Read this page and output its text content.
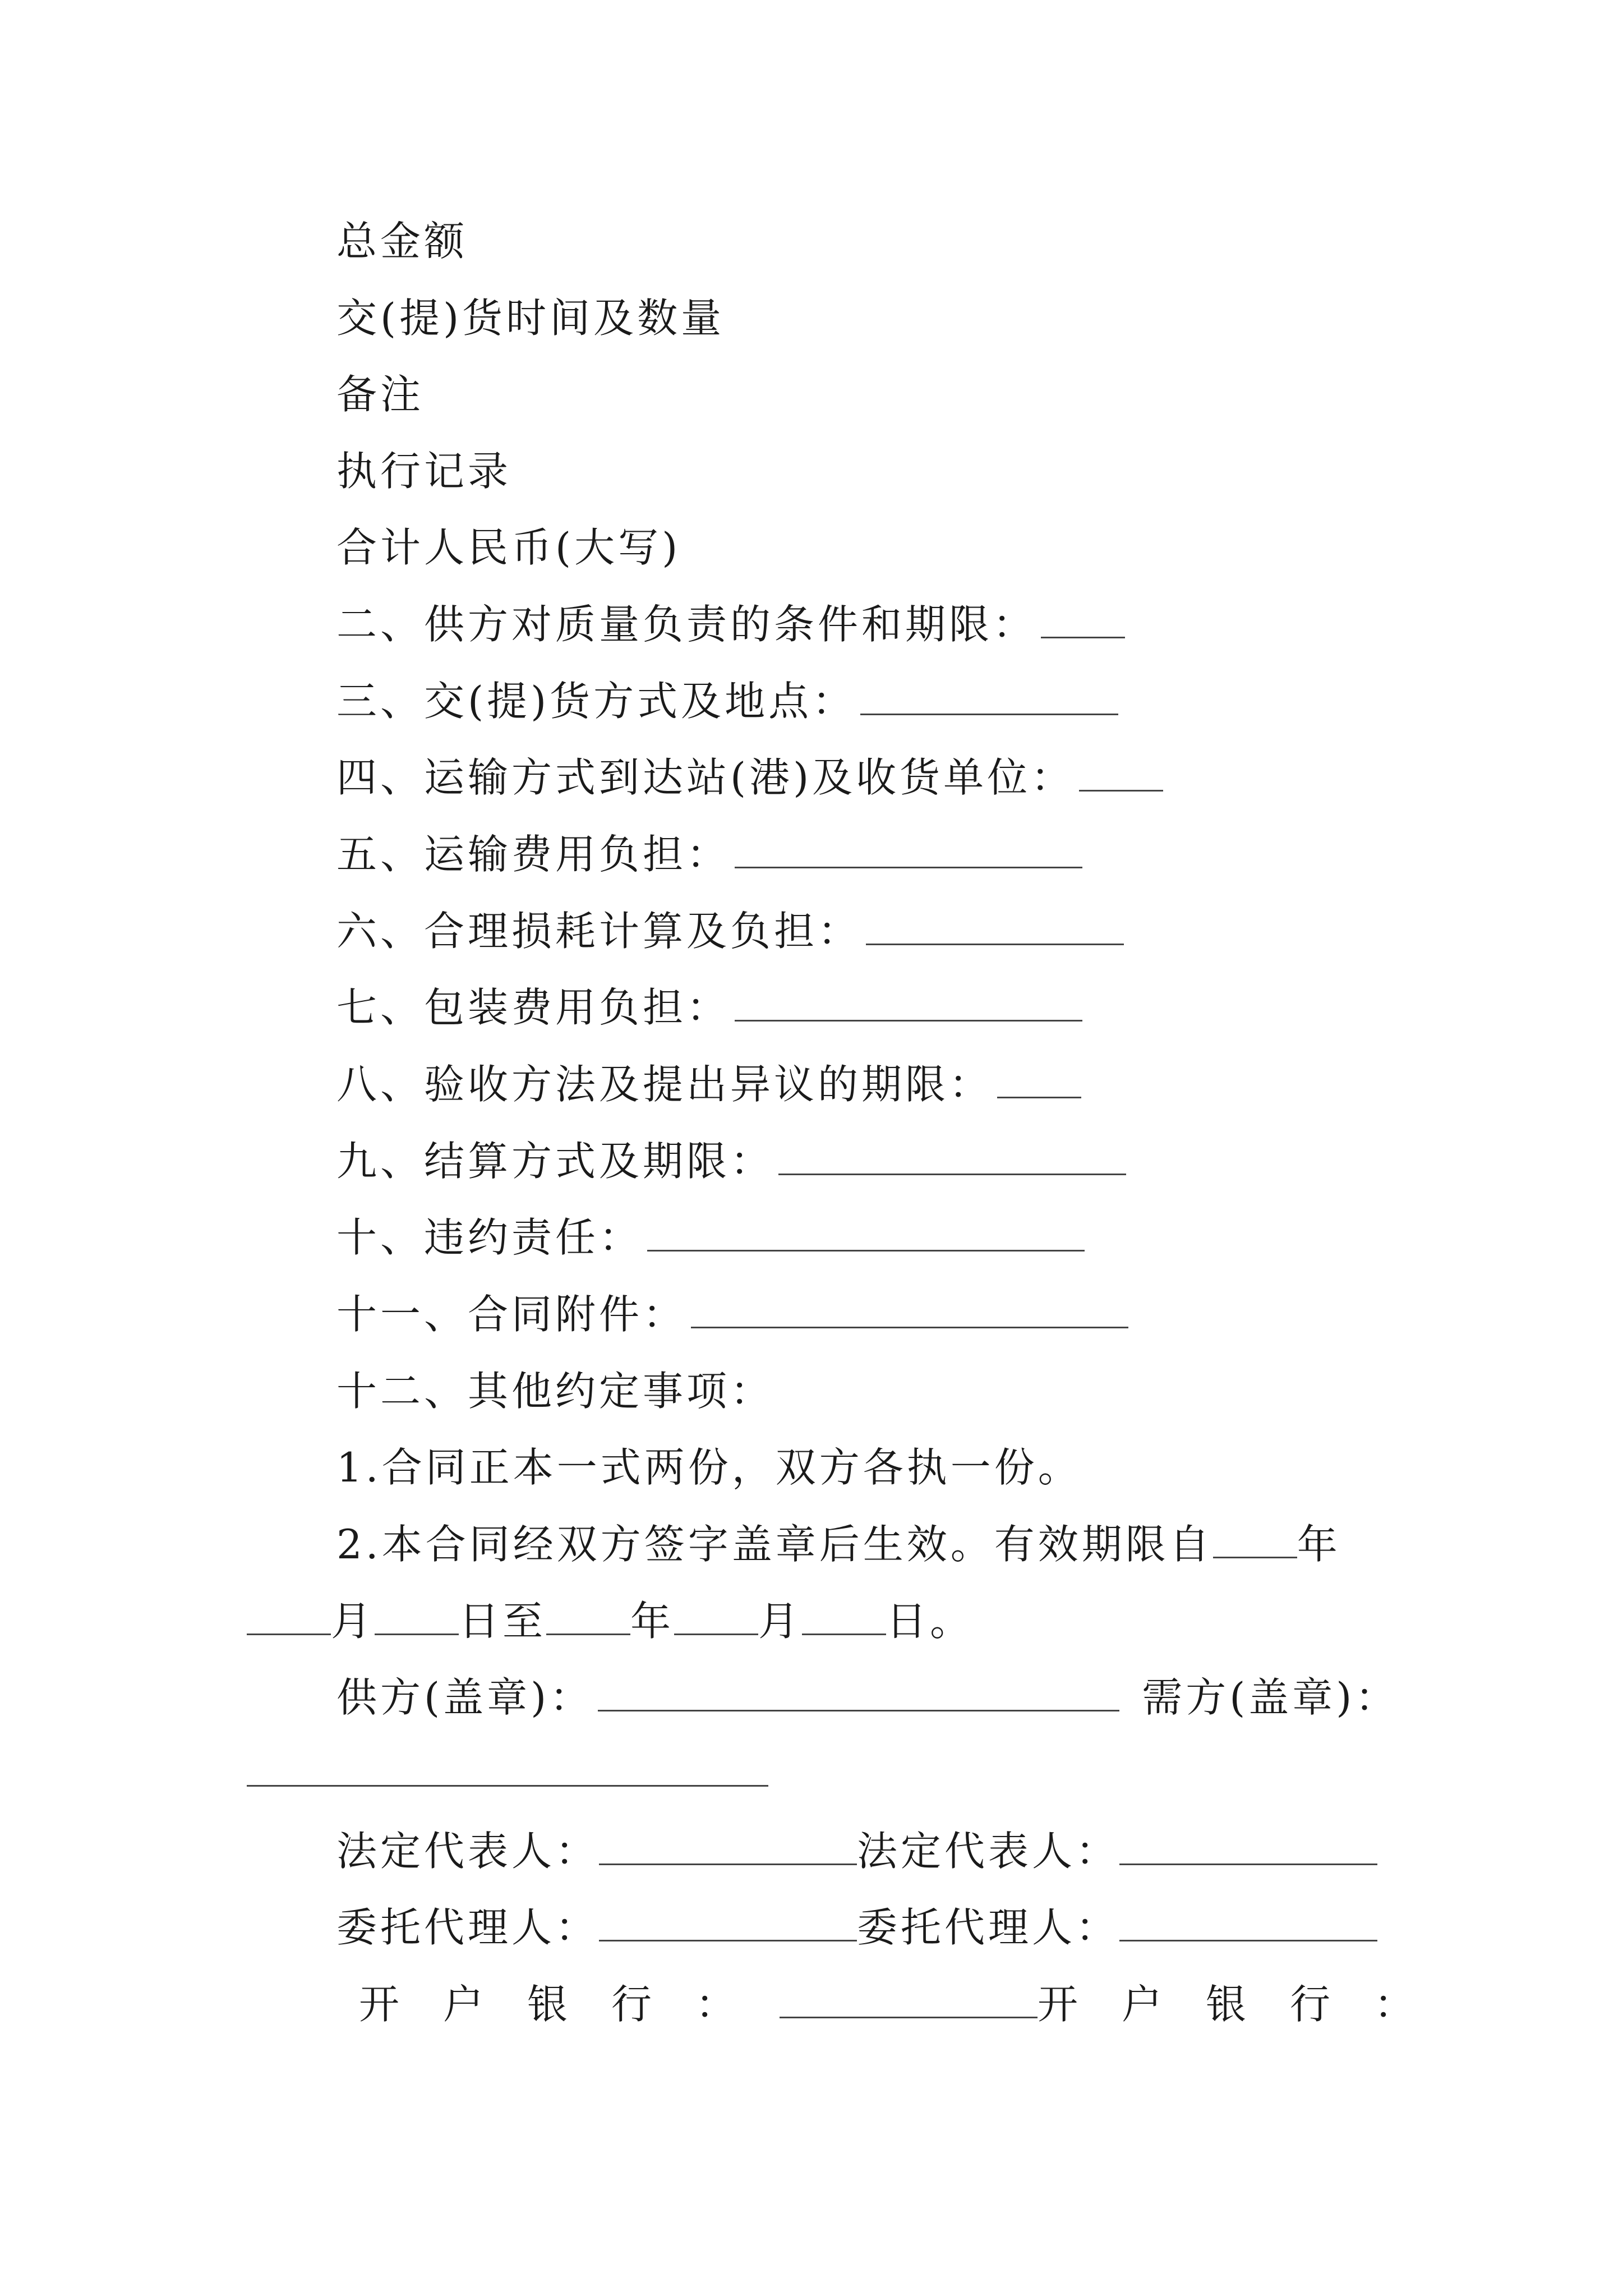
总金额
交(提)货时间及数量
备注
执行记录
合计人民币(大写)
二、供方对质量负责的条件和期限：
三、交(提)货方式及地点：
四、运输方式到达站(港)及收货单位：
五、运输费用负担：
六、合理损耗计算及负担：
七、包装费用负担：
八、验收方法及提出异议的期限：
九、结算方式及期限：
十、违约责任：
十一、合同附件：
十二、其他约定事项：
1.合同正本一式两份，双方各执一份。
2.本合同经双方签字盖章后生效。有效期限自 年
月 日至 年 月 日。
供方(盖章)：	需方(盖章)：
法定代表人：	法定代表人：
委托代理人：	委托代理人：
开户银行：	开户银行：
